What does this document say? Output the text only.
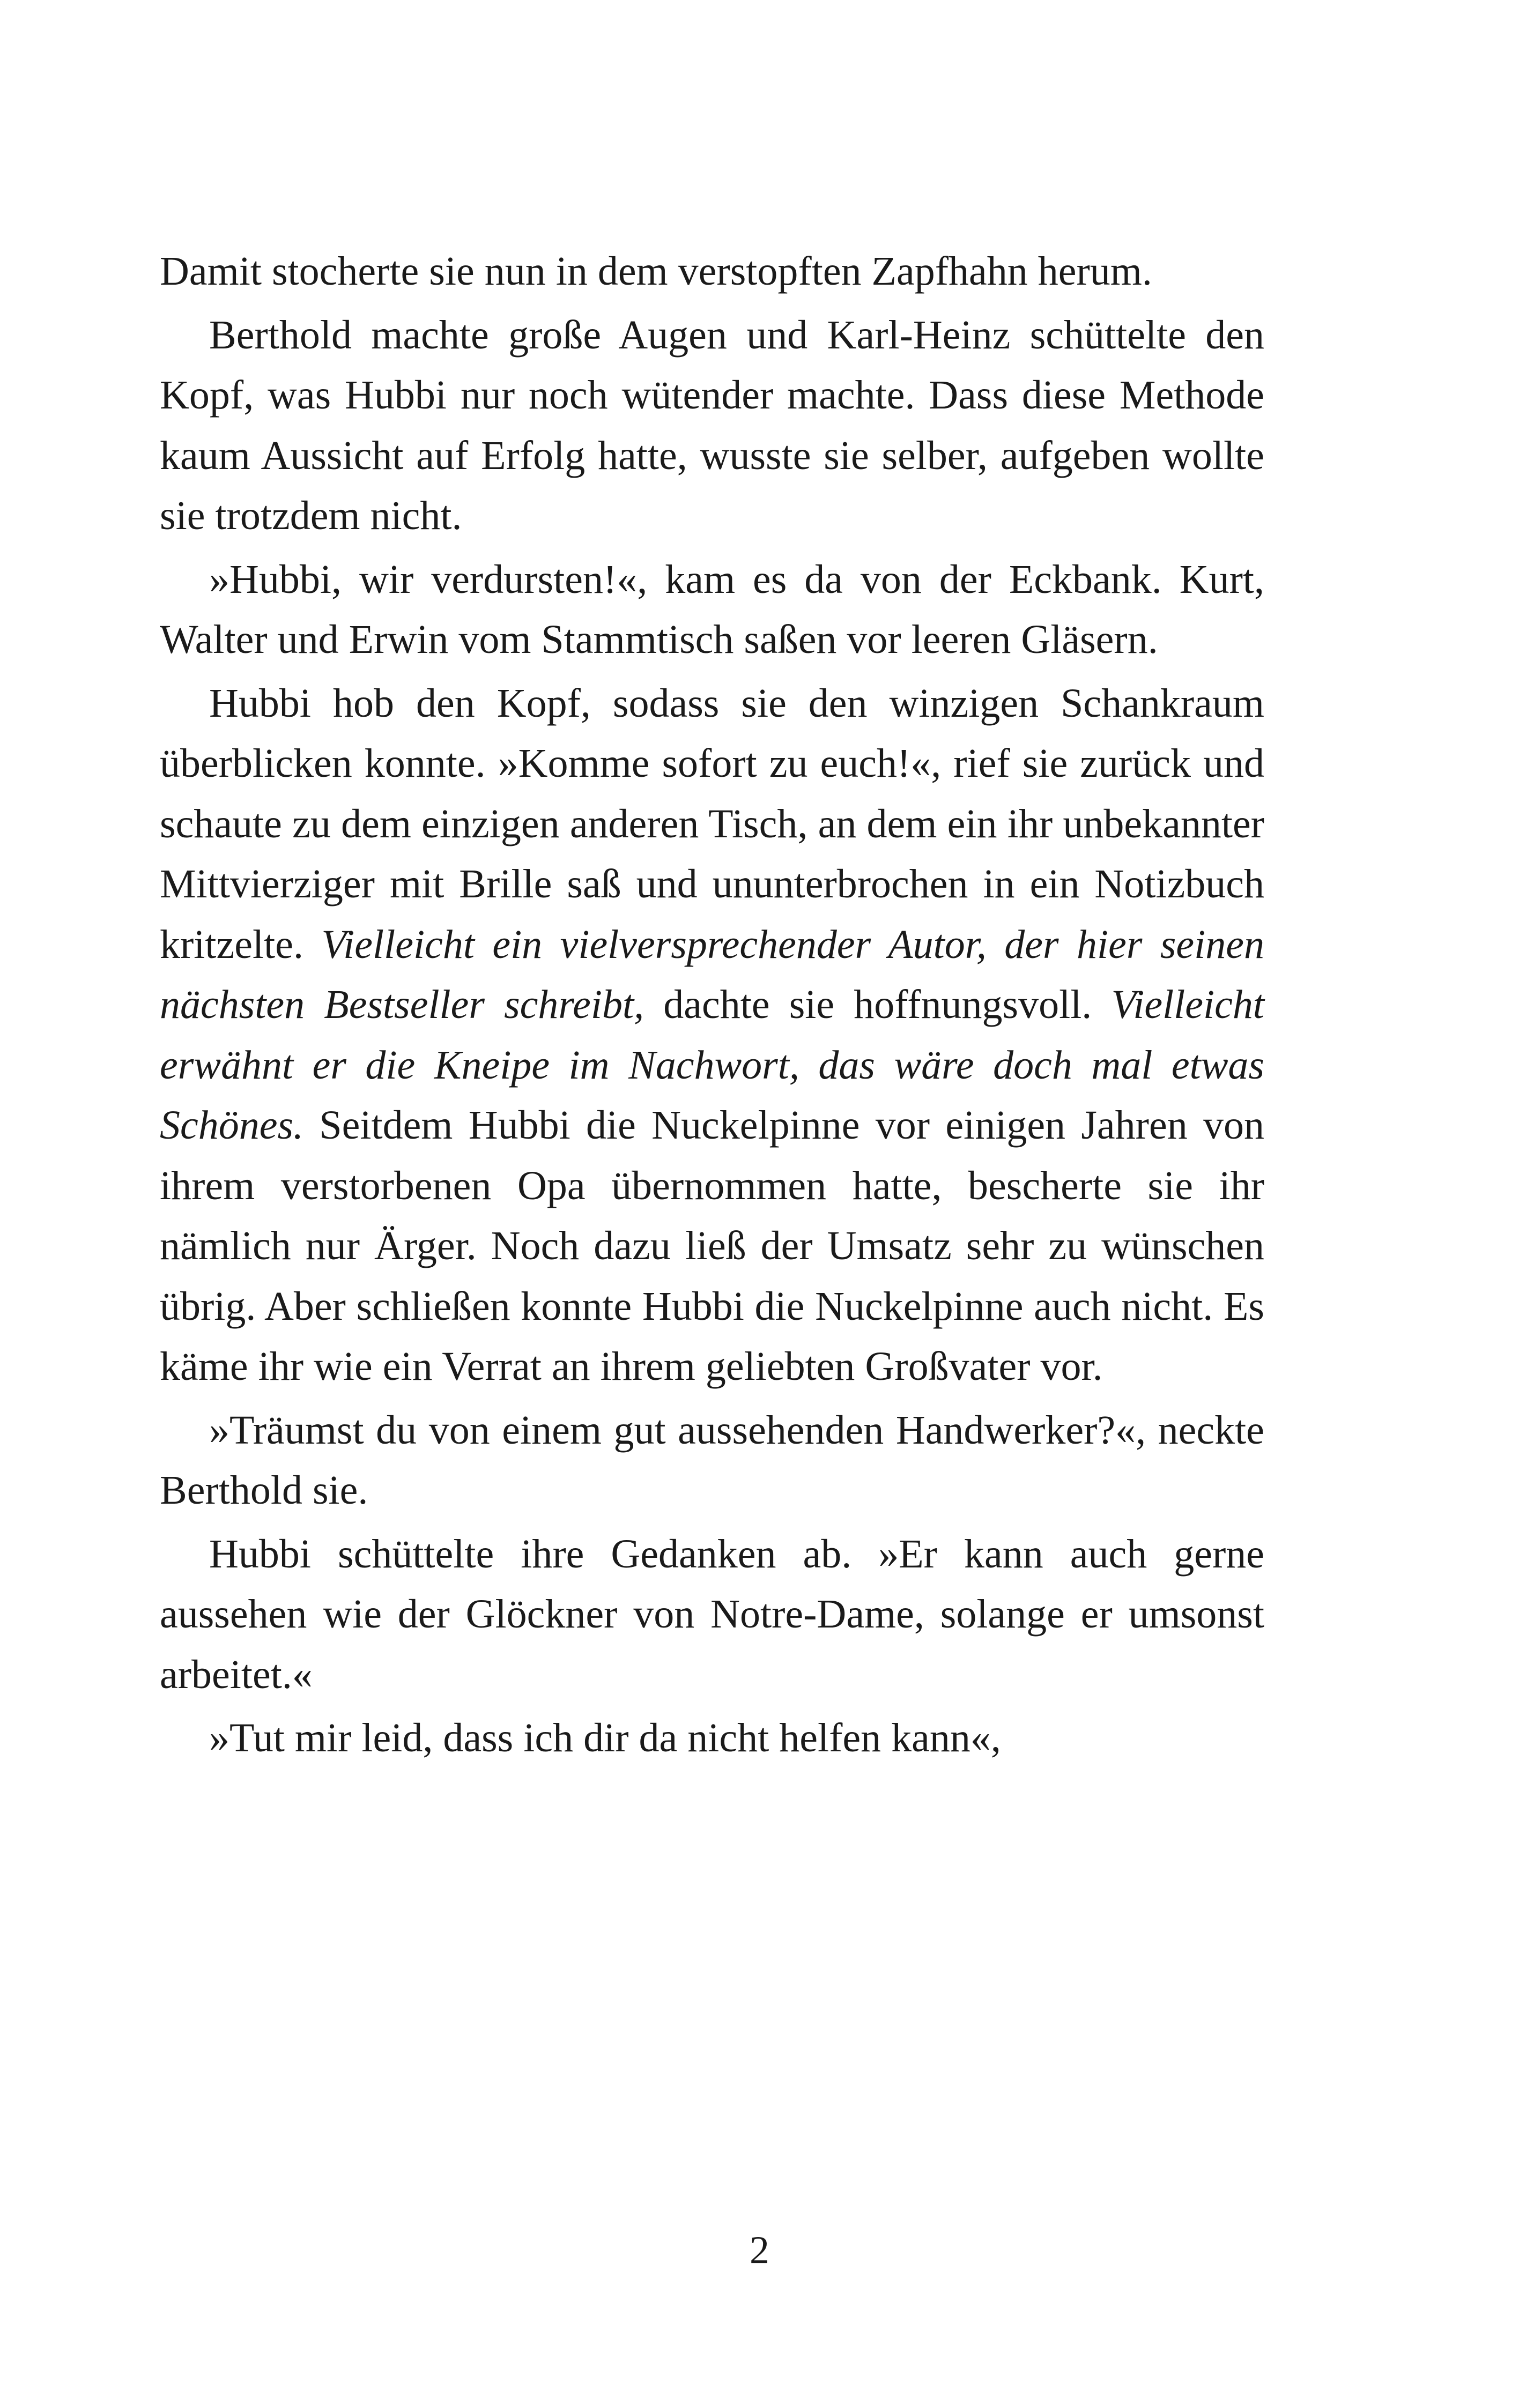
Damit stocherte sie nun in dem verstopften Zapfhahn herum.

Berthold machte große Augen und Karl-Heinz schüttelte den Kopf, was Hubbi nur noch wütender machte. Dass diese Methode kaum Aussicht auf Erfolg hatte, wusste sie selber, aufgeben wollte sie trotzdem nicht.

»Hubbi, wir verdursten!«, kam es da von der Eckbank. Kurt, Walter und Erwin vom Stammtisch saßen vor leeren Gläsern.

Hubbi hob den Kopf, sodass sie den winzigen Schankraum überblicken konnte. »Komme sofort zu euch!«, rief sie zurück und schaute zu dem einzigen anderen Tisch, an dem ein ihr unbekannter Mittvierziger mit Brille saß und ununterbrochen in ein Notizbuch kritzelte. Vielleicht ein vielversprechender Autor, der hier seinen nächsten Bestseller schreibt, dachte sie hoffnungsvoll. Vielleicht erwähnt er die Kneipe im Nachwort, das wäre doch mal etwas Schönes. Seitdem Hubbi die Nuckelpinne vor einigen Jahren von ihrem verstorbenen Opa übernommen hatte, bescherte sie ihr nämlich nur Ärger. Noch dazu ließ der Umsatz sehr zu wünschen übrig. Aber schließen konnte Hubbi die Nuckelpinne auch nicht. Es käme ihr wie ein Verrat an ihrem geliebten Großvater vor.

»Träumst du von einem gut aussehenden Handwerker?«, neckte Berthold sie.

Hubbi schüttelte ihre Gedanken ab. »Er kann auch gerne aussehen wie der Glöckner von Notre-Dame, solange er umsonst arbeitet.«

»Tut mir leid, dass ich dir da nicht helfen kann«,

2
